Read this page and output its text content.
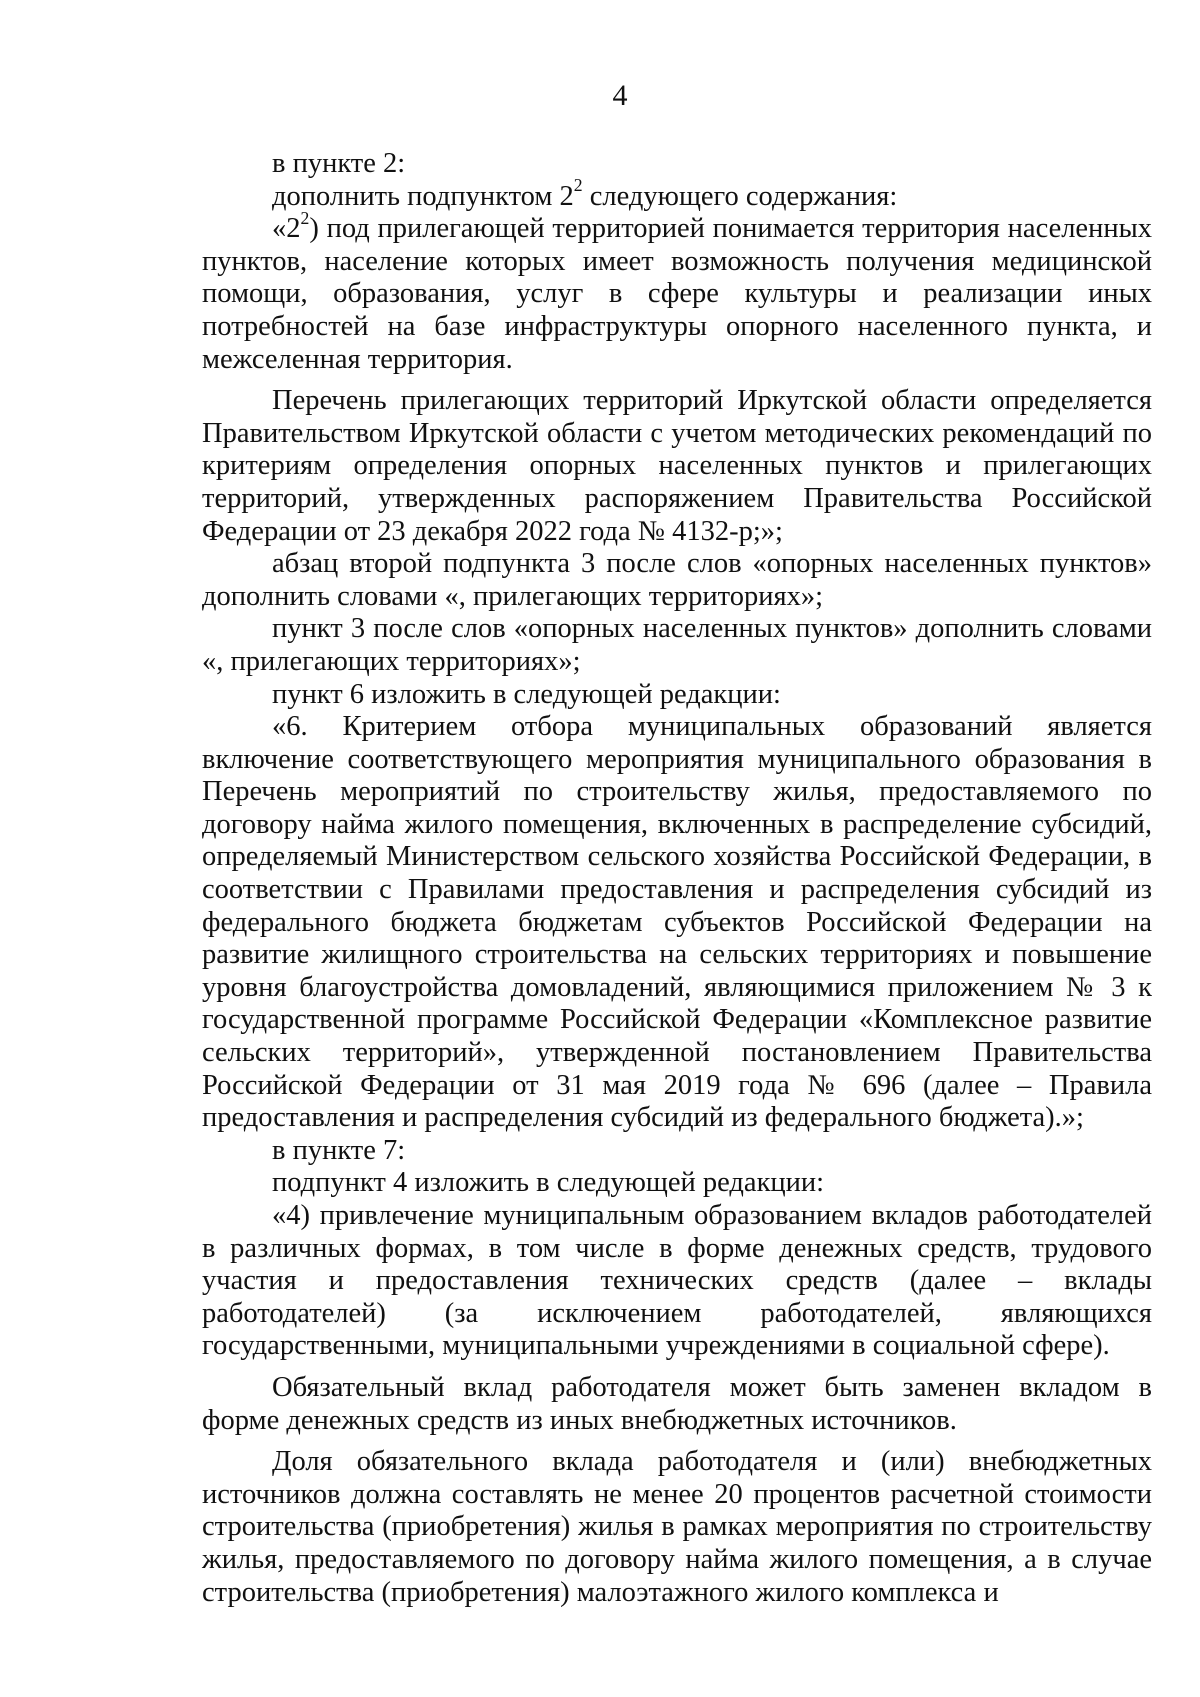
4

в пункте 2:

дополнить подпунктом $2^2$ следующего содержания:

«$2^2$) под прилегающей территорией понимается территория населенных пунктов, население которых имеет возможность получения медицинской помощи, образования, услуг в сфере культуры и реализации иных потребностей на базе инфраструктуры опорного населенного пункта, и межселенная территория.

Перечень прилегающих территорий Иркутской области определяется Правительством Иркутской области с учетом методических рекомендаций по критериям определения опорных населенных пунктов и прилегающих территорий, утвержденных распоряжением Правительства Российской Федерации от 23 декабря 2022 года № 4132-р;»;

абзац второй подпункта 3 после слов «опорных населенных пунктов» дополнить словами «, прилегающих территориях»;

пункт 3 после слов «опорных населенных пунктов» дополнить словами «, прилегающих территориях»;

пункт 6 изложить в следующей редакции:

«6. Критерием отбора муниципальных образований является включение соответствующего мероприятия муниципального образования в Перечень мероприятий по строительству жилья, предоставляемого по договору найма жилого помещения, включенных в распределение субсидий, определяемый Министерством сельского хозяйства Российской Федерации, в соответствии с Правилами предоставления и распределения субсидий из федерального бюджета бюджетам субъектов Российской Федерации на развитие жилищного строительства на сельских территориях и повышение уровня благоустройства домовладений, являющимися приложением № 3 к государственной программе Российской Федерации «Комплексное развитие сельских территорий», утвержденной постановлением Правительства Российской Федерации от 31 мая 2019 года № 696 (далее – Правила предоставления и распределения субсидий из федерального бюджета).»;

в пункте 7:

подпункт 4 изложить в следующей редакции:

«4) привлечение муниципальным образованием вкладов работодателей в различных формах, в том числе в форме денежных средств, трудового участия и предоставления технических средств (далее – вклады работодателей) (за исключением работодателей, являющихся государственными, муниципальными учреждениями в социальной сфере).

Обязательный вклад работодателя может быть заменен вкладом в форме денежных средств из иных внебюджетных источников.

Доля обязательного вклада работодателя и (или) внебюджетных источников должна составлять не менее 20 процентов расчетной стоимости строительства (приобретения) жилья в рамках мероприятия по строительству жилья, предоставляемого по договору найма жилого помещения, а в случае строительства (приобретения) малоэтажного жилого комплекса и
